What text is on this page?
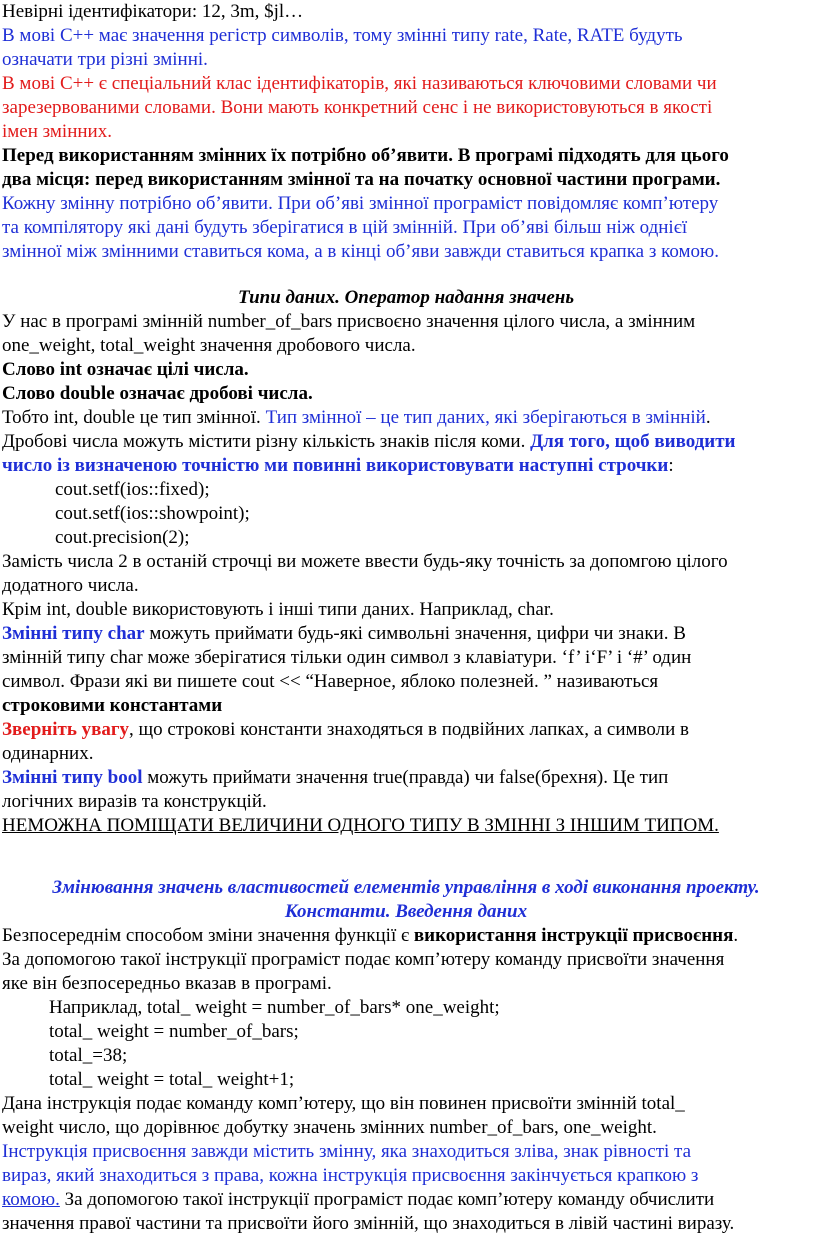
Невірні ідентифікатори: 12, 3m, $jl…
В мові C++ має значення регістр символів, тому змінні типу rate, Rate, RATE будуть
означати три різні змінні.
В мові C++ є спеціальний клас ідентифікаторів, які називаються ключовими словами чи
зарезервованими словами. Вони мають конкретний сенс і не використовуються в якості
імен змінних.
Перед використанням змінних їх потрібно об’явити. В програмі підходять для цього
два місця: перед використанням змінної та на початку основної частини програми.
Кожну змінну потрібно об’явити. При об’яві змінної програміст повідомляє комп’ютеру
та компілятору які дані будуть зберігатися в цій змінній. При об’яві більш ніж однієї
змінної між змінними ставиться кома, а в кінці об’яви завжди ставиться крапка з комою.
Типи даних. Оператор надання значень
У нас в програмі змінній number_of_bars присвоєно значення цілого числа, а змінним
one_weight, total_weight значення дробового числа.
Слово int означає цілі числа.
Слово double означає дробові числа.
Тобто int, double це тип змінної. Тип змінної – це тип даних, які зберігаються в змінній.
Дробові числа можуть містити різну кількість знаків після коми. Для того, щоб виводити
число із визначеною точністю ми повинні використовувати наступні строчки:
cout.setf(ios::fixed);
cout.setf(ios::showpoint);
cout.precision(2);
Замість числа 2 в останій строчці ви можете ввести будь-яку точність за допомгою цілого
додатного числа.
Крім int, double використовують і інші типи даних. Наприклад, char.
Змінні типу char можуть приймати будь-які символьні значення, цифри чи знаки. В
змінній типу char може зберігатися тільки один символ з клавіатури. ‘f’ і‘F’ і ‘#’ один
символ. Фрази які ви пишете cout << “Наверное, яблоко полезней. ” називаються
строковими константами
Зверніть увагу, що строкові константи знаходяться в подвійних лапках, а символи в
одинарних.
Змінні типу bool можуть приймати значення true(правда) чи false(брехня). Це тип
логічних виразів та конструкцій.
НЕМОЖНА ПОМІЩАТИ ВЕЛИЧИНИ ОДНОГО ТИПУ В ЗМІННІ З ІНШИМ ТИПОМ.
Змінювання значень властивостей елементів управління в ході виконання проекту.
Константи. Введення даних
Безпосереднім способом зміни значення функції є використання інструкції присвоєння.
За допомогою такої інструкції програміст подає комп’ютеру команду присвоїти значення
яке він безпосередньо вказав в програмі.
Наприклад, total_ weight = number_of_bars* one_weight;
total_ weight = number_of_bars;
total_=38;
total_ weight = total_ weight+1;
Дана інструкція подає команду комп’ютеру, що він повинен присвоїти змінній total_
weight число, що дорівнює добутку значень змінних number_of_bars, one_weight.
Інструкція присвоєння завжди містить змінну, яка знаходиться зліва, знак рівності та
вираз, який знаходиться з права, кожна інструкція присвоєння закінчується крапкою з
комою. За допомогою такої інструкції програміст подає комп’ютеру команду обчислити
значення правої частини та присвоїти його змінній, що знаходиться в лівій частині виразу.
